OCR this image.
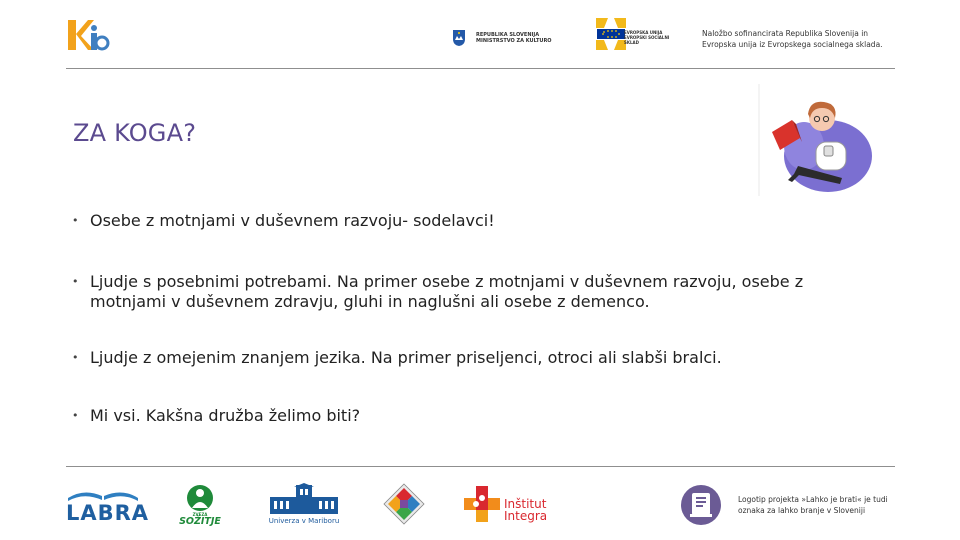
REPUBLIKA SLOVENIJA MINISTRSTVO ZA KULTURO
EVROPSKA UNIJA EVROPSKI SOCIALNI SKLAD
Naložbo sofinancirata Republika Slovenija in Evropska unija iz Evropskega socialnega sklada.
ZA KOGA?
• Osebe z motnjami v duševnem razvoju- sodelavci!
• Ljudje s posebnimi potrebami. Na primer osebe z motnjami v duševnem razvoju, osebe z motnjami v duševnem zdravju, gluhi in naglušni ali osebe z demenco.
• Ljudje z omejenim znanjem jezika. Na primer priseljenci, otroci ali slabši bralci.
• Mi vsi. Kakšna družba želimo biti?
LABRA	ZVEZA
SOŽITJE	Univerza v Mariboru
Inštitut
Integra
Logotip projekta »Lahko je brati« je tudi oznaka za lahko branje v Sloveniji
